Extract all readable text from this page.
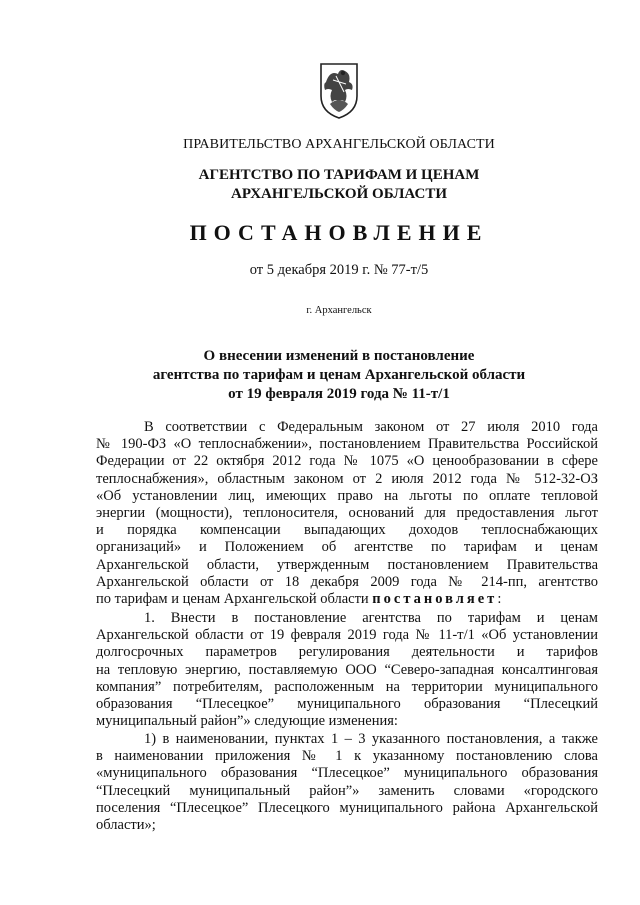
ПРАВИТЕЛЬСТВО АРХАНГЕЛЬСКОЙ ОБЛАСТИ
АГЕНТСТВО ПО ТАРИФАМ И ЦЕНАМ
АРХАНГЕЛЬСКОЙ ОБЛАСТИ
ПОСТАНОВЛЕНИЕ
от 5 декабря 2019 г. № 77-т/5
г. Архангельск
О внесении изменений в постановление
агентства по тарифам и ценам Архангельской области
от 19 февраля 2019 года № 11-т/1
В соответствии с Федеральным законом от 27 июля 2010 года
№ 190-ФЗ «О теплоснабжении», постановлением Правительства Российской
Федерации от 22 октября 2012 года № 1075 «О ценообразовании в сфере
теплоснабжения», областным законом от 2 июля 2012 года № 512-32-ОЗ
«Об установлении лиц, имеющих право на льготы по оплате тепловой
энергии (мощности), теплоносителя, оснований для предоставления льгот
и порядка компенсации выпадающих доходов теплоснабжающих
организаций» и Положением об агентстве по тарифам и ценам
Архангельской области, утвержденным постановлением Правительства
Архангельской области от 18 декабря 2009 года № 214-пп, агентство
по тарифам и ценам Архангельской области постановляет:
1. Внести в постановление агентства по тарифам и ценам
Архангельской области от 19 февраля 2019 года № 11-т/1 «Об установлении
долгосрочных параметров регулирования деятельности и тарифов
на тепловую энергию, поставляемую ООО “Северо-западная консалтинговая
компания” потребителям, расположенным на территории муниципального
образования “Плесецкое” муниципального образования “Плесецкий
муниципальный район”» следующие изменения:
1) в наименовании, пунктах 1 – 3 указанного постановления, а также
в наименовании приложения № 1 к указанному постановлению слова
«муниципального образования “Плесецкое” муниципального образования
“Плесецкий муниципальный район”» заменить словами «городского
поселения “Плесецкое” Плесецкого муниципального района Архангельской
области»;
